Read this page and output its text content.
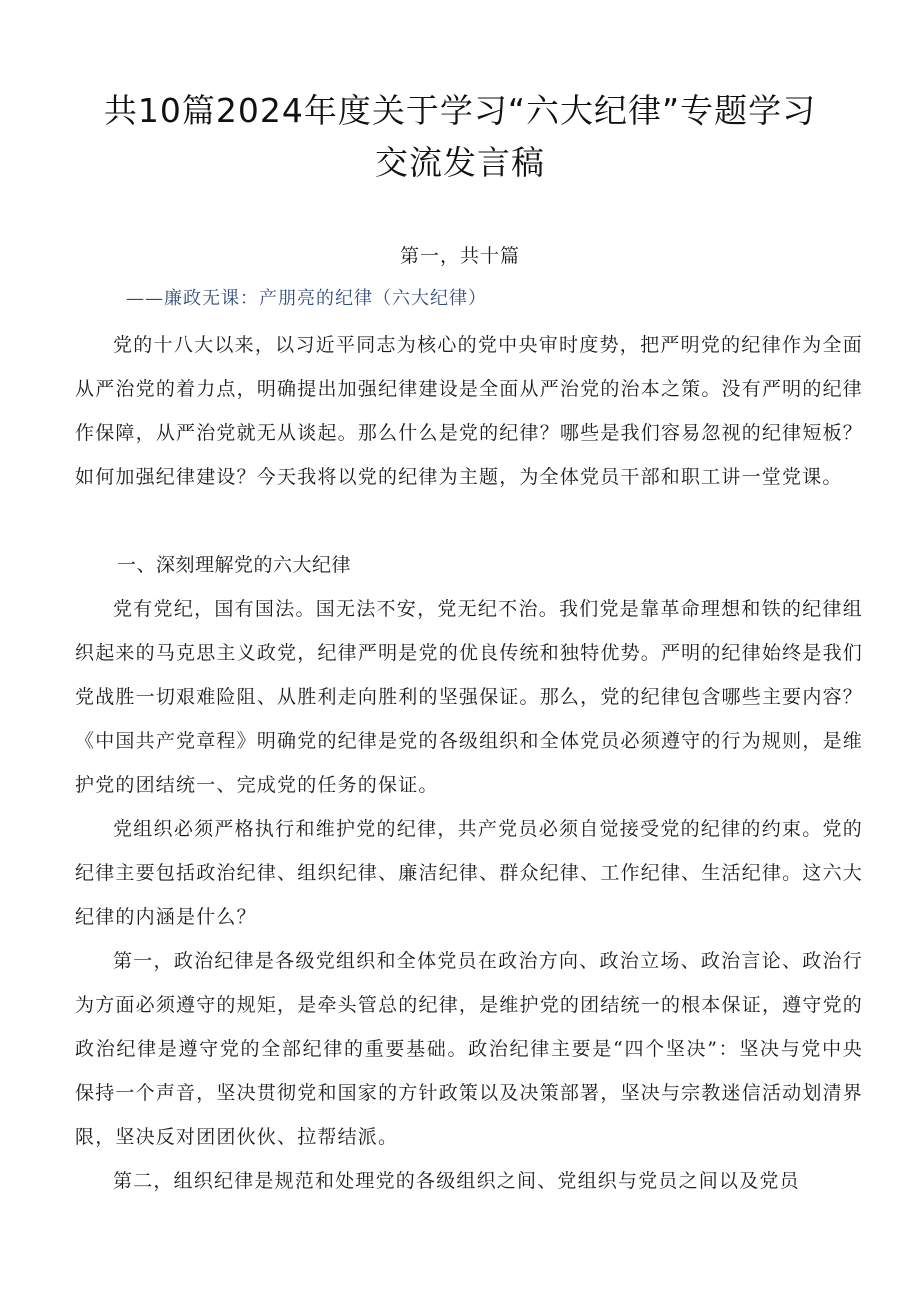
共10篇2024年度关于学习“六大纪律”专题学习
交流发言稿
第一，共十篇
——廉政无课：产朋亮的纪律（六大纪律）

党的十八大以来，以习近平同志为核心的党中央审时度势，把严明党的纪律作为全面从严治党的着力点，明确提出加强纪律建设是全面从严治党的治本之策。没有严明的纪律作保障，从严治党就无从谈起。那么什么是党的纪律？哪些是我们容易忽视的纪律短板？如何加强纪律建设？今天我将以党的纪律为主题，为全体党员干部和职工讲一堂党课。

一、深刻理解党的六大纪律

党有党纪，国有国法。国无法不安，党无纪不治。我们党是靠革命理想和铁的纪律组织起来的马克思主义政党，纪律严明是党的优良传统和独特优势。严明的纪律始终是我们党战胜一切艰难险阻、从胜利走向胜利的坚强保证。那么，党的纪律包含哪些主要内容？《中国共产党章程》明确党的纪律是党的各级组织和全体党员必须遵守的行为规则，是维护党的团结统一、完成党的任务的保证。

党组织必须严格执行和维护党的纪律，共产党员必须自觉接受党的纪律的约束。党的纪律主要包括政治纪律、组织纪律、廉洁纪律、群众纪律、工作纪律、生活纪律。这六大纪律的内涵是什么？

第一，政治纪律是各级党组织和全体党员在政治方向、政治立场、政治言论、政治行为方面必须遵守的规矩，是牵头管总的纪律，是维护党的团结统一的根本保证，遵守党的政治纪律是遵守党的全部纪律的重要基础。政治纪律主要是“四个坚决”：坚决与党中央保持一个声音，坚决贯彻党和国家的方针政策以及决策部署，坚决与宗教迷信活动划清界限，坚决反对团团伙伙、拉帮结派。

第二，组织纪律是规范和处理党的各级组织之间、党组织与党员之间以及党员
